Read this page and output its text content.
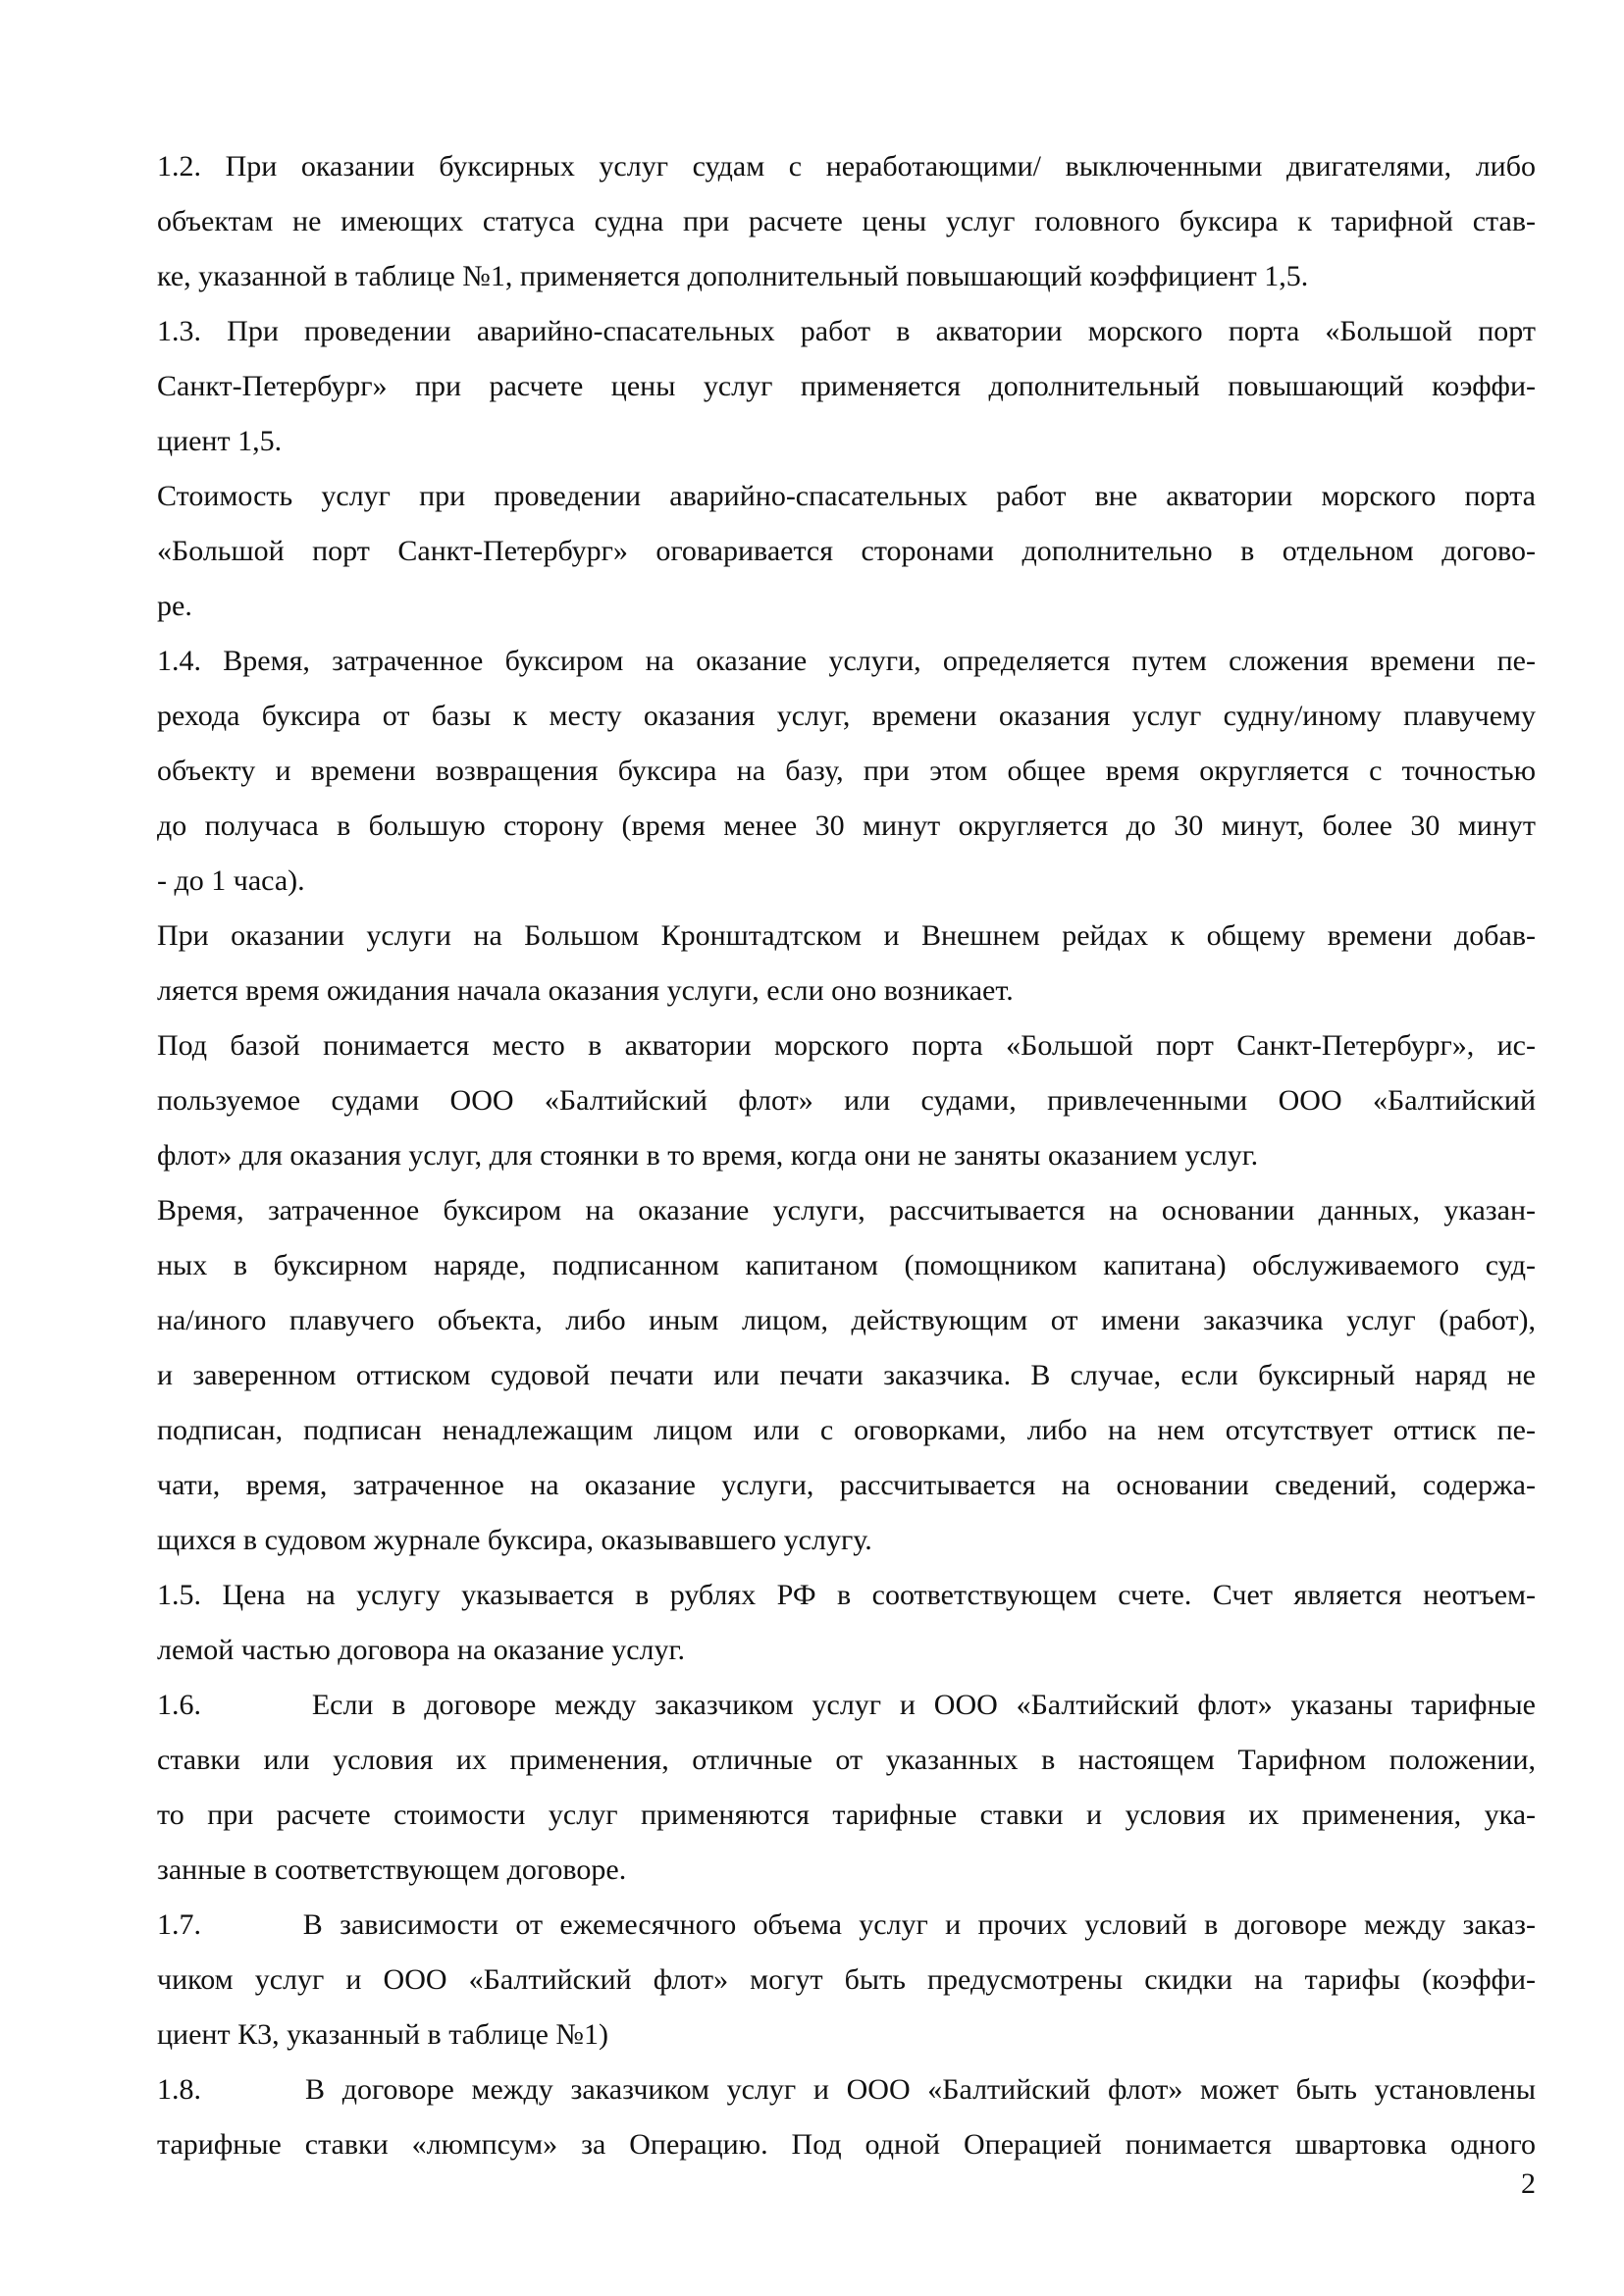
1.2. При оказании буксирных услуг судам с неработающими/ выключенными двигателями, либо
объектам не имеющих статуса судна при расчете цены услуг головного буксира к тарифной став-
ке, указанной в таблице №1, применяется дополнительный повышающий коэффициент 1,5.
1.3. При проведении аварийно-спасательных работ в акватории морского порта «Большой порт
Санкт-Петербург» при расчете цены услуг применяется дополнительный повышающий коэффи-
циент 1,5.
Стоимость услуг при проведении аварийно-спасательных работ вне акватории морского порта
«Большой порт Санкт-Петербург» оговаривается сторонами дополнительно в отдельном догово-
ре.
1.4. Время, затраченное буксиром на оказание услуги, определяется путем сложения времени пе-
рехода буксира от базы к месту оказания услуг, времени оказания услуг судну/иному плавучему
объекту и времени возвращения буксира на базу, при этом общее время округляется с точностью
до получаса в большую сторону (время менее 30 минут округляется до 30 минут, более 30 минут
- до 1 часа).
При оказании услуги на Большом Кронштадтском и Внешнем рейдах к общему времени добав-
ляется время ожидания начала оказания услуги, если оно возникает.
Под базой понимается место в акватории морского порта «Большой порт Санкт-Петербург», ис-
пользуемое судами ООО «Балтийский флот» или судами, привлеченными ООО «Балтийский
флот» для оказания услуг, для стоянки в то время, когда они не заняты оказанием услуг.
Время, затраченное буксиром на оказание услуги, рассчитывается на основании данных, указан-
ных в буксирном наряде, подписанном капитаном (помощником капитана) обслуживаемого суд-
на/иного плавучего объекта, либо иным лицом, действующим от имени заказчика услуг (работ),
и заверенном оттиском судовой печати или печати заказчика. В случае, если буксирный наряд не
подписан, подписан ненадлежащим лицом или с оговорками, либо на нем отсутствует оттиск пе-
чати, время, затраченное на оказание услуги, рассчитывается на основании сведений, содержа-
щихся в судовом журнале буксира, оказывавшего услугу.
1.5. Цена на услугу указывается в рублях РФ в соответствующем счете. Счет является неотъем-
лемой частью договора на оказание услуг.
1.6.      Если в договоре между заказчиком услуг и ООО «Балтийский флот» указаны тарифные
ставки или условия их применения, отличные от указанных в настоящем Тарифном положении,
то при расчете стоимости услуг применяются тарифные ставки и условия их применения, ука-
занные в соответствующем договоре.
1.7.      В зависимости от ежемесячного объема услуг и прочих условий в договоре между заказ-
чиком услуг и ООО «Балтийский флот» могут быть предусмотрены скидки на тарифы (коэффи-
циент К3, указанный в таблице №1)
1.8.      В договоре между заказчиком услуг и ООО «Балтийский флот» может быть установлены
тарифные ставки «люмпсум» за Операцию. Под одной Операцией понимается швартовка одного
2
